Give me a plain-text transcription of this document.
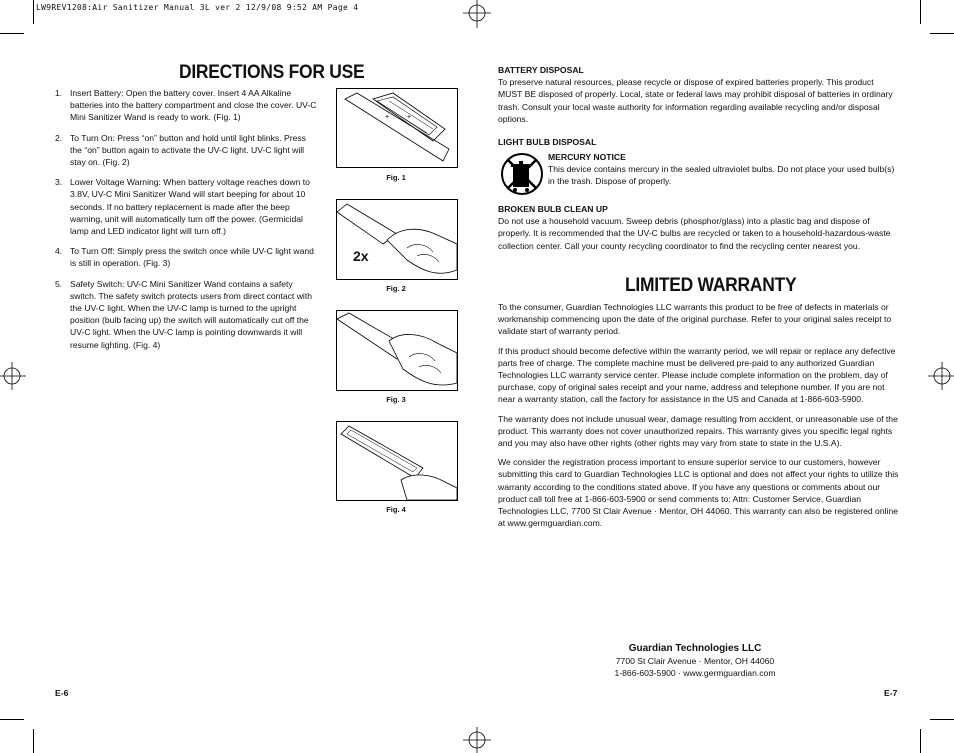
LW9REV1208:Air Sanitizer Manual 3L ver 2 12/9/08 9:52 AM Page 4
DIRECTIONS FOR USE
1. Insert Battery: Open the battery cover. Insert 4 AA Alkaline batteries into the battery compartment and close the cover. UV-C Mini Sanitizer Wand is ready to work. (Fig. 1)
2. To Turn On: Press “on” button and hold until light blinks. Press the “on” button again to activate the UV-C light. UV-C light will stay on. (Fig. 2)
3. Lower Voltage Warning: When battery voltage reaches down to 3.8V, UV-C Mini Sanitizer Wand will start beeping for about 10 seconds. If no battery replacement is made after the beep warning, unit will automatically turn off the power. (Germicidal lamp and LED indicator light will turn off.)
4. To Turn Off: Simply press the switch once while UV-C light wand is still in operation. (Fig. 3)
5. Safety Switch: UV-C Mini Sanitizer Wand contains a safety switch. The safety switch protects users from direct contact with the UV-C light. When the UV-C lamp is turned to the upright position (bulb facing up) the switch will automatically cut off the UV-C light. When the UV-C lamp is pointing downwards it will resume lighting. (Fig. 4)
+	+
Fig. 1
2x
Fig. 2
Fig. 3
Fig. 4
E-6
BATTERY DISPOSAL
To preserve natural resources, please recycle or dispose of expired batteries properly. This product MUST BE disposed of properly. Local, state or federal laws may prohibit disposal of batteries in ordinary trash. Consult your local waste authority for information regarding available recycling and/or disposal options.
LIGHT BULB DISPOSAL
MERCURY NOTICE
This device contains mercury in the sealed ultraviolet bulbs. Do not place your used bulb(s) in the trash. Dispose of properly.
BROKEN BULB CLEAN UP
Do not use a household vacuum. Sweep debris (phosphor/glass) into a plastic bag and dispose of properly. It is recommended that the UV-C bulbs are recycled or taken to a household-hazardous-waste collection center. Call your county recycling coordinator to find the recycling center nearest you.
LIMITED WARRANTY

To the consumer, Guardian Technologies LLC warrants this product to be free of defects in materials or workmanship commencing upon the date of the original purchase. Refer to your original sales receipt to validate start of warranty period.

If this product should become defective within the warranty period, we will repair or replace any defective parts free of charge. The complete machine must be delivered pre-paid to any authorized Guardian Technologies LLC warranty service center. Please include complete information on the problem, day of purchase, copy of original sales receipt and your name, address and telephone number. If you are not near a warranty station, call the factory for assistance in the US and Canada at 1-866-603-5900.

The warranty does not include unusual wear, damage resulting from accident, or unreasonable use of the product. This warranty does not cover unauthorized repairs. This warranty gives you specific legal rights and you may also have other rights (other rights may vary from state to state in the U.S.A).

We consider the registration process important to ensure superior service to our customers, however submitting this card to Guardian Technologies LLC is optional and does not affect your rights to utilize this warranty according to the conditions stated above. If you have any questions or comments about our product call toll free at 1-866-603-5900 or send comments to: Attn: Customer Service, Guardian Technologies LLC, 7700 St Clair Avenue · Mentor, OH 44060. This warranty can also be registered online at www.germguardian.com.

Guardian Technologies LLC
7700 St Clair Avenue · Mentor, OH 44060
1-866-603-5900 · www.germguardian.com
E-7
